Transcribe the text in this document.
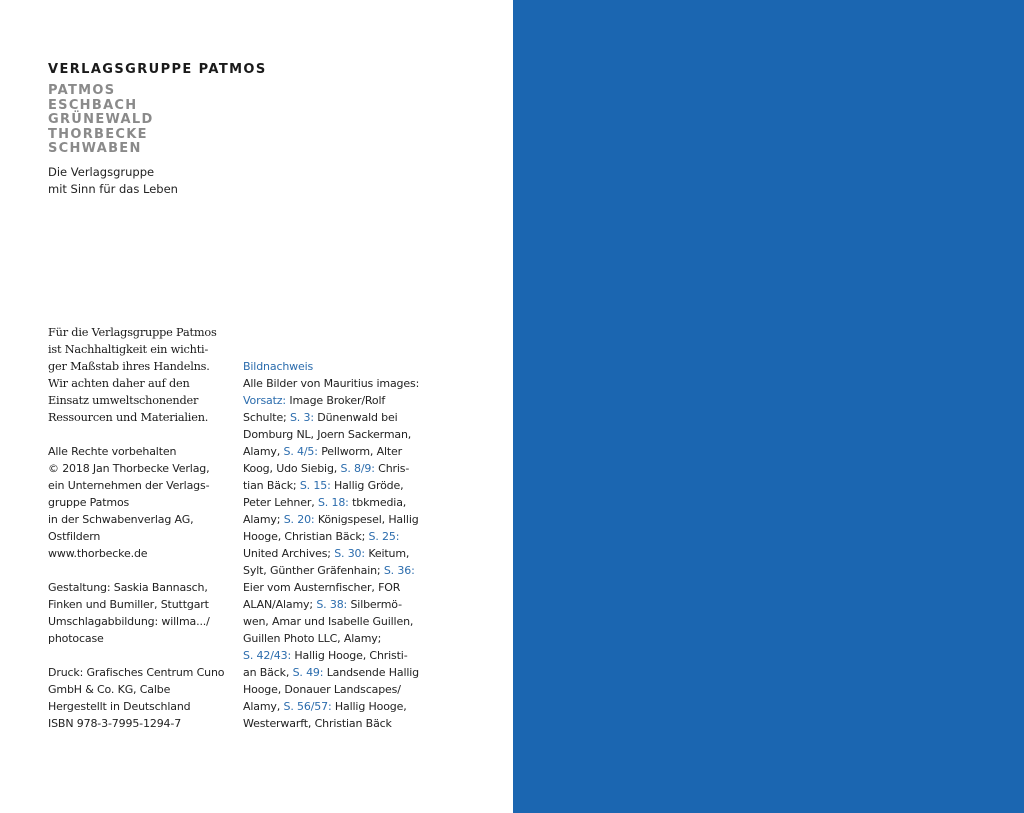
VERLAGSGRUPPE PATMOS
PATMOS
ESCHBACH
GRÜNEWALD
THORBECKE
SCHWABEN
Die Verlagsgruppe
mit Sinn für das Leben
Für die Verlagsgruppe Patmos
ist Nachhaltigkeit ein wichti-
ger Maßstab ihres Handelns.
Wir achten daher auf den
Einsatz umweltschonender
Ressourcen und Materialien.
Alle Rechte vorbehalten
© 2018 Jan Thorbecke Verlag,
ein Unternehmen der Verlags-
gruppe Patmos
in der Schwabenverlag AG,
Ostfildern
www.thorbecke.de
Gestaltung: Saskia Bannasch,
Finken und Bumiller, Stuttgart
Umschlagabbildung: willma.../
photocase
Druck: Grafisches Centrum Cuno
GmbH & Co. KG, Calbe
Hergestellt in Deutschland
ISBN 978-3-7995-1294-7
Bildnachweis
Alle Bilder von Mauritius images:
Vorsatz: Image Broker/Rolf
Schulte; S. 3: Dünenwald bei
Domburg NL, Joern Sackerman,
Alamy, S. 4/5: Pellworm, Alter
Koog, Udo Siebig, S. 8/9: Chris-
tian Bäck; S. 15: Hallig Gröde,
Peter Lehner, S. 18: tbkmedia,
Alamy; S. 20: Königspesel, Hallig
Hooge, Christian Bäck; S. 25:
United Archives; S. 30: Keitum,
Sylt, Günther Gräfenhain; S. 36:
Eier vom Austernfischer, FOR
ALAN/Alamy; S. 38: Silbermö-
wen, Amar und Isabelle Guillen,
Guillen Photo LLC, Alamy;
S. 42/43: Hallig Hooge, Christi-
an Bäck, S. 49: Landsende Hallig
Hooge, Donauer Landscapes/
Alamy, S. 56/57: Hallig Hooge,
Westerwarft, Christian Bäck
